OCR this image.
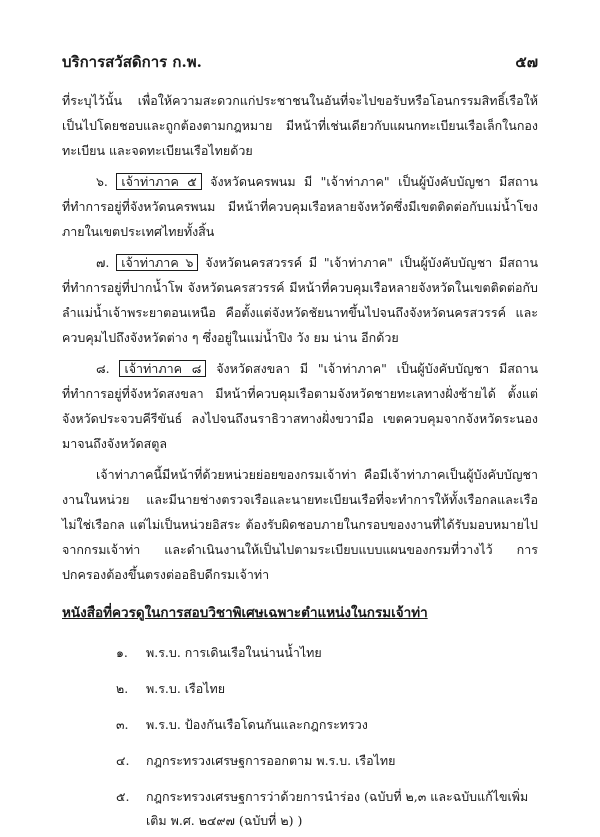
บริการสวัสดิการ ก.พ.	๕๗

ที่ระบุไว้นั้น เพื่อให้ความสะดวกแก่ประชาชนในอันที่จะไปขอรับหรือโอนกรรมสิทธิ์เรือให้เป็นไปโดยชอบและถูกต้องตามกฎหมาย มีหน้าที่เช่นเดียวกับแผนกทะเบียนเรือเล็กในกองทะเบียน และจดทะเบียนเรือไทยด้วย

๖. เจ้าท่าภาค ๕ จังหวัดนครพนม มี "เจ้าท่าภาค" เป็นผู้บังคับบัญชา มีสถานที่ทำการอยู่ที่จังหวัดนครพนม มีหน้าที่ควบคุมเรือหลายจังหวัดซึ่งมีเขตติดต่อกับแม่น้ำโขงภายในเขตประเทศไทยทั้งสิ้น

๗. เจ้าท่าภาค ๖ จังหวัดนครสวรรค์ มี "เจ้าท่าภาค" เป็นผู้บังคับบัญชา มีสถานที่ทำการอยู่ที่ปากน้ำโพ จังหวัดนครสวรรค์ มีหน้าที่ควบคุมเรือหลายจังหวัดในเขตติดต่อกับลำแม่น้ำเจ้าพระยาตอนเหนือ คือตั้งแต่จังหวัดชัยนาทขึ้นไปจนถึงจังหวัดนครสวรรค์ และควบคุมไปถึงจังหวัดต่าง ๆ ซึ่งอยู่ในแม่น้ำปิง วัง ยม น่าน อีกด้วย

๘. เจ้าท่าภาค ๘ จังหวัดสงขลา มี "เจ้าท่าภาค" เป็นผู้บังคับบัญชา มีสถานที่ทำการอยู่ที่จังหวัดสงขลา มีหน้าที่ควบคุมเรือตามจังหวัดชายทะเลทางฝั่งซ้ายได้ ตั้งแต่จังหวัดประจวบคีรีขันธ์ ลงไปจนถึงนราธิวาสทางฝั่งขวามือ เขตควบคุมจากจังหวัดระนองมาจนถึงจังหวัดสตูล

เจ้าท่าภาคนี้มีหน้าที่ด้วยหน่วยย่อยของกรมเจ้าท่า คือมีเจ้าท่าภาคเป็นผู้บังคับบัญชางานในหน่วย และมีนายช่างตรวจเรือและนายทะเบียนเรือที่จะทำการให้ทั้งเรือกลและเรือไม่ใช่เรือกล แต่ไม่เป็นหน่วยอิสระ ต้องรับผิดชอบภายในกรอบของงานที่ได้รับมอบหมายไปจากกรมเจ้าท่า และดำเนินงานให้เป็นไปตามระเบียบแบบแผนของกรมที่วางไว้ การปกครองต้องขึ้นตรงต่ออธิบดีกรมเจ้าท่า

หนังสือที่ควรดูในการสอบวิชาพิเศษเฉพาะตำแหน่งในกรมเจ้าท่า
๑.	พ.ร.บ. การเดินเรือในน่านน้ำไทย
๒.	พ.ร.บ. เรือไทย
๓.	พ.ร.บ. ป้องกันเรือโดนกันและกฎกระทรวง
๔.	กฎกระทรวงเศรษฐการออกตาม พ.ร.บ. เรือไทย
๕.	กฎกระทรวงเศรษฐการว่าด้วยการนำร่อง (ฉบับที่ ๒,๓ และฉบับแก้ไขเพิ่มเติม พ.ศ. ๒๔๙๗ (ฉบับที่ ๒) )
